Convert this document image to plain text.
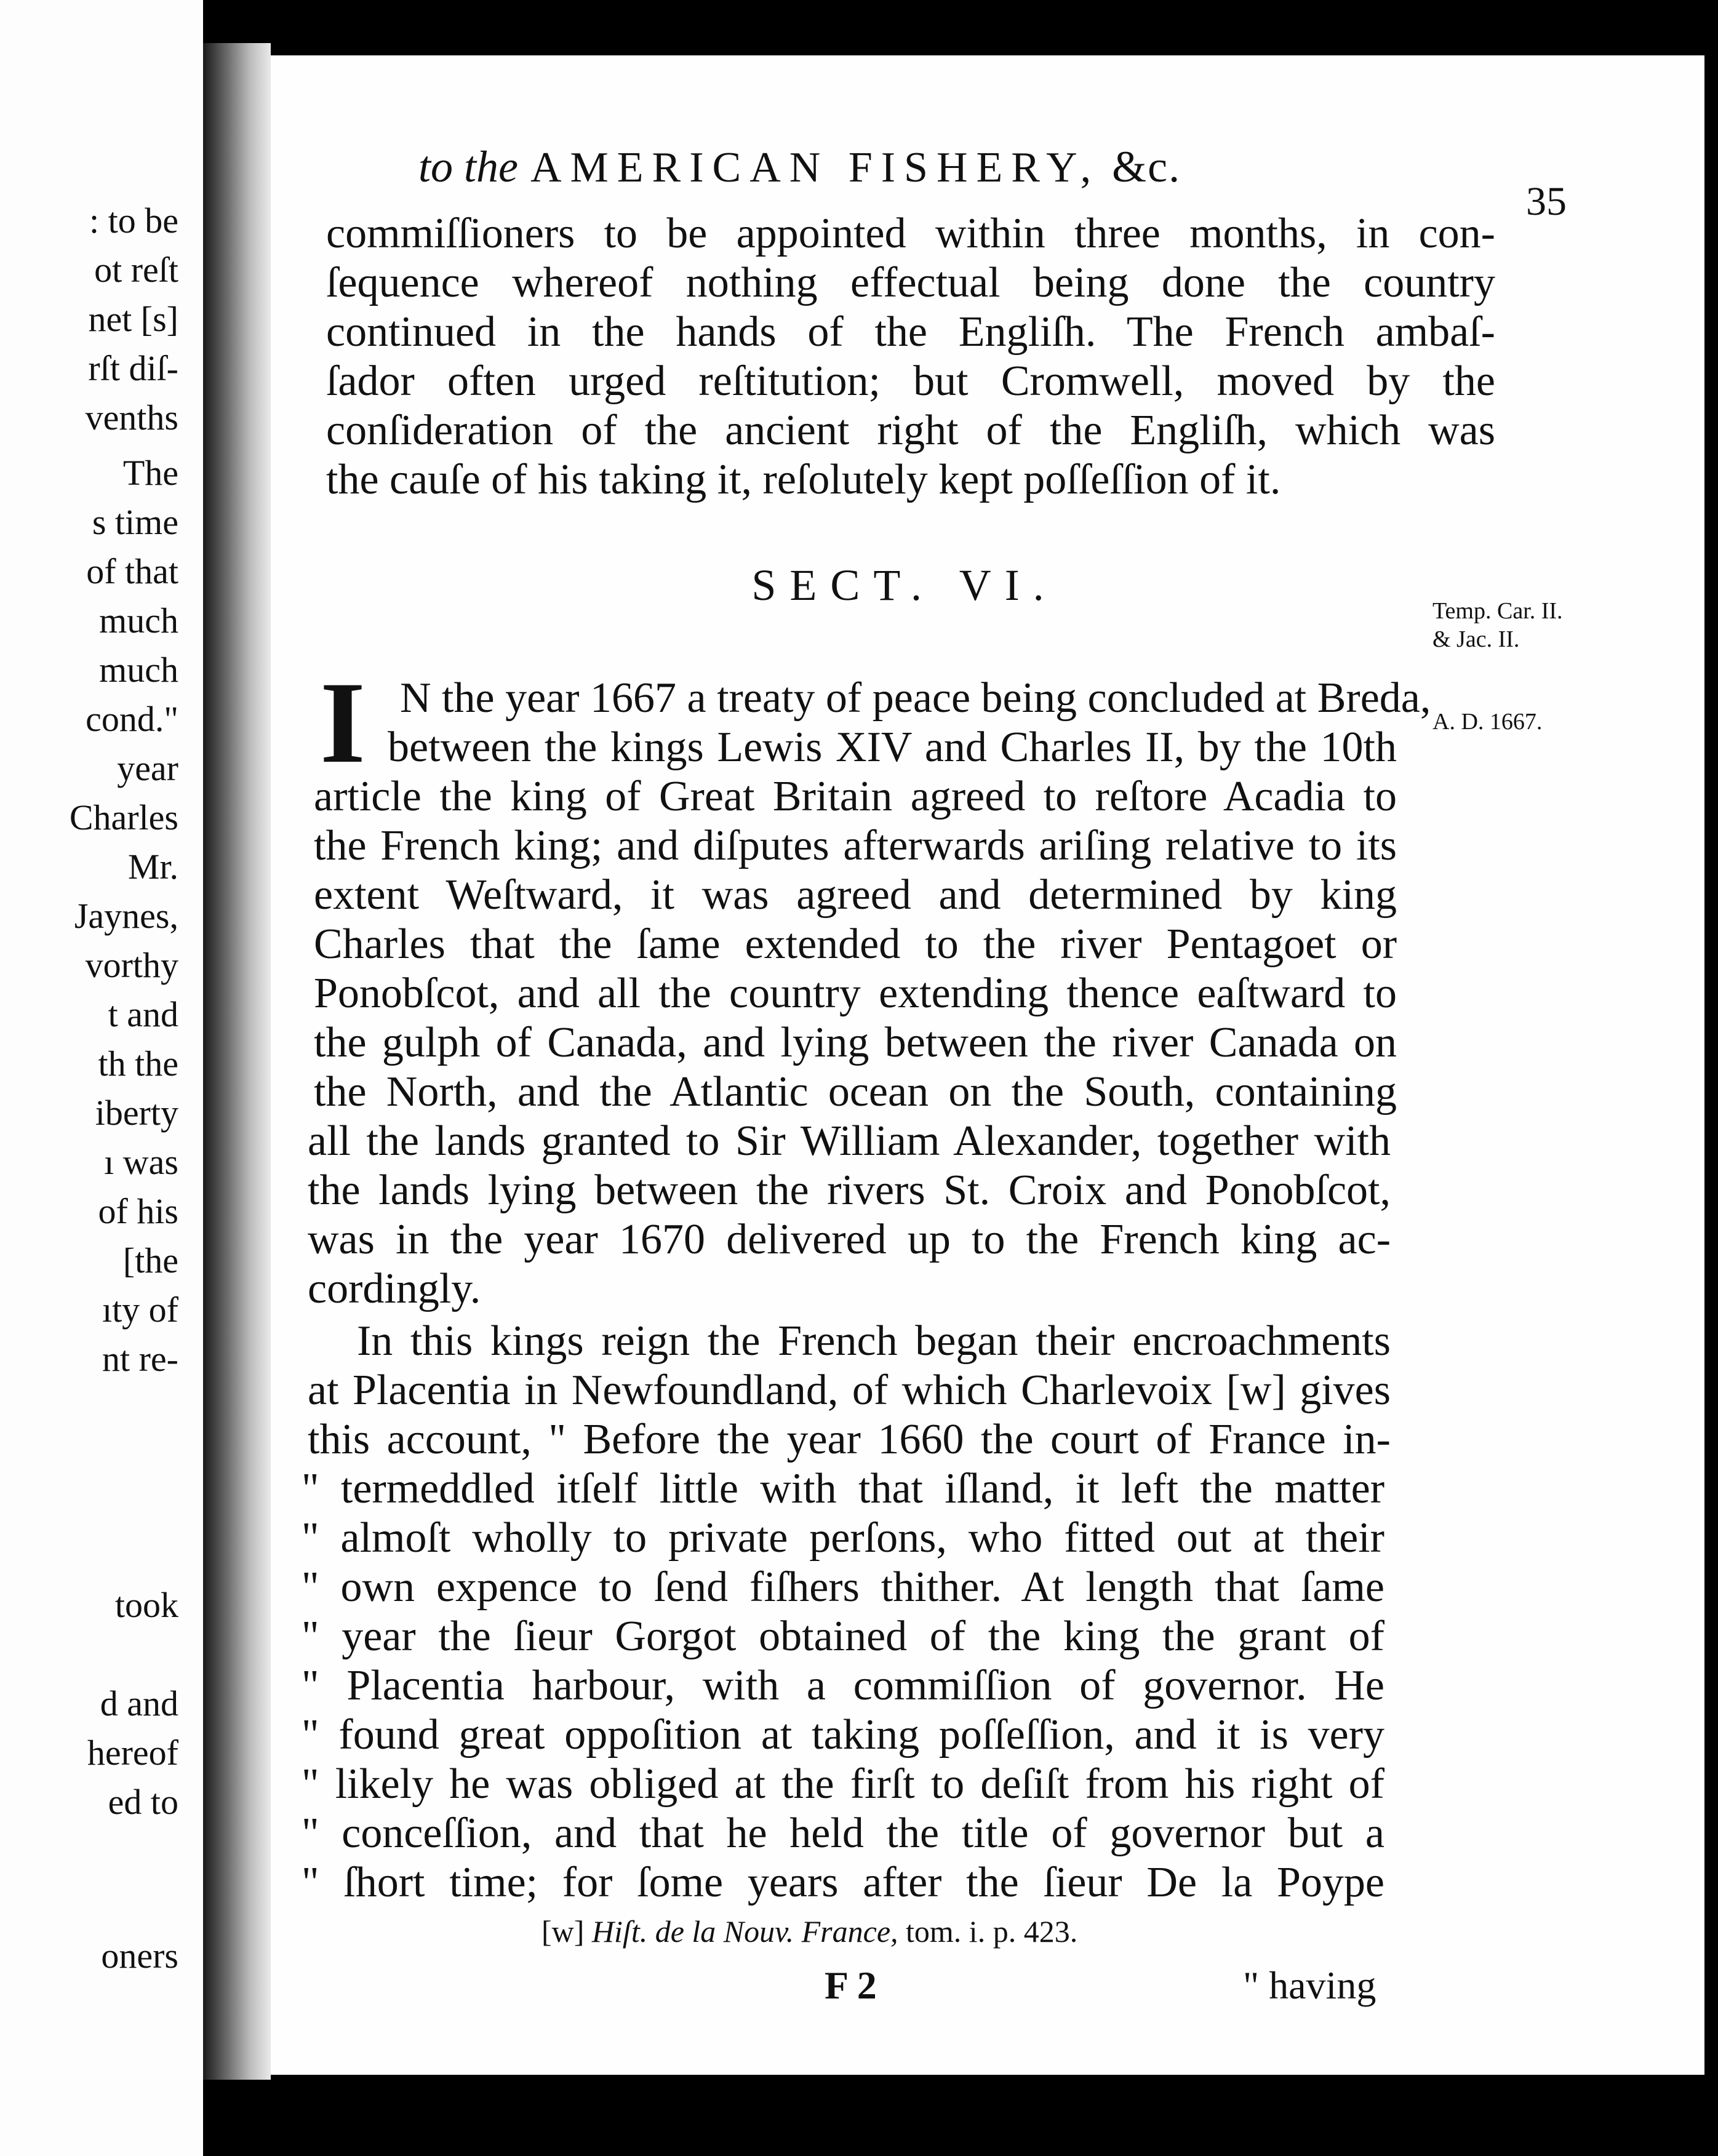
: to be
ot reſt
net [s]
rſt diſ-
venths
The
s time
of that
much
much
cond."
year
Charles
Mr.
Jaynes,
vorthy
t and
th the
iberty
ı was
of his
[the
ıty of
nt re-
took
d and
hereof
ed to
oners
to the AMERICAN FISHERY, &c.
35
commiſſioners to be appointed within three months, in con-
ſequence whereof nothing effectual being done the country
continued in the hands of the Engliſh. The French ambaſ-
ſador often urged reſtitution; but Cromwell, moved by the
conſideration of the ancient right of the Engliſh, which was
the cauſe of his taking it, reſolutely kept poſſeſſion of it.
SECT. VI.
Temp. Car. II.
& Jac. II.
A. D. 1667.
I N the year 1667 a treaty of peace being concluded at Breda,
between the kings Lewis XIV and Charles II, by the 10th
article the king of Great Britain agreed to reſtore Acadia to
the French king; and diſputes afterwards ariſing relative to its
extent Weſtward, it was agreed and determined by king
Charles that the ſame extended to the river Pentagoet or
Ponobſcot, and all the country extending thence eaſtward to
the gulph of Canada, and lying between the river Canada on
the North, and the Atlantic ocean on the South, containing
all the lands granted to Sir William Alexander, together with
the lands lying between the rivers St. Croix and Ponobſcot,
was in the year 1670 delivered up to the French king ac-
cordingly.
In this kings reign the French began their encroachments
at Placentia in Newfoundland, of which Charlevoix [w] gives
this account, " Before the year 1660 the court of France in-
" termeddled itſelf little with that iſland, it left the matter
" almoſt wholly to private perſons, who fitted out at their
" own expence to ſend fiſhers thither. At length that ſame
" year the ſieur Gorgot obtained of the king the grant of
" Placentia harbour, with a commiſſion of governor. He
" found great oppoſition at taking poſſeſſion, and it is very
" likely he was obliged at the firſt to deſiſt from his right of
" conceſſion, and that he held the title of governor but a
" ſhort time; for ſome years after the ſieur De la Poype
[w] Hiſt. de la Nouv. France, tom. i. p. 423.
F 2	" having
